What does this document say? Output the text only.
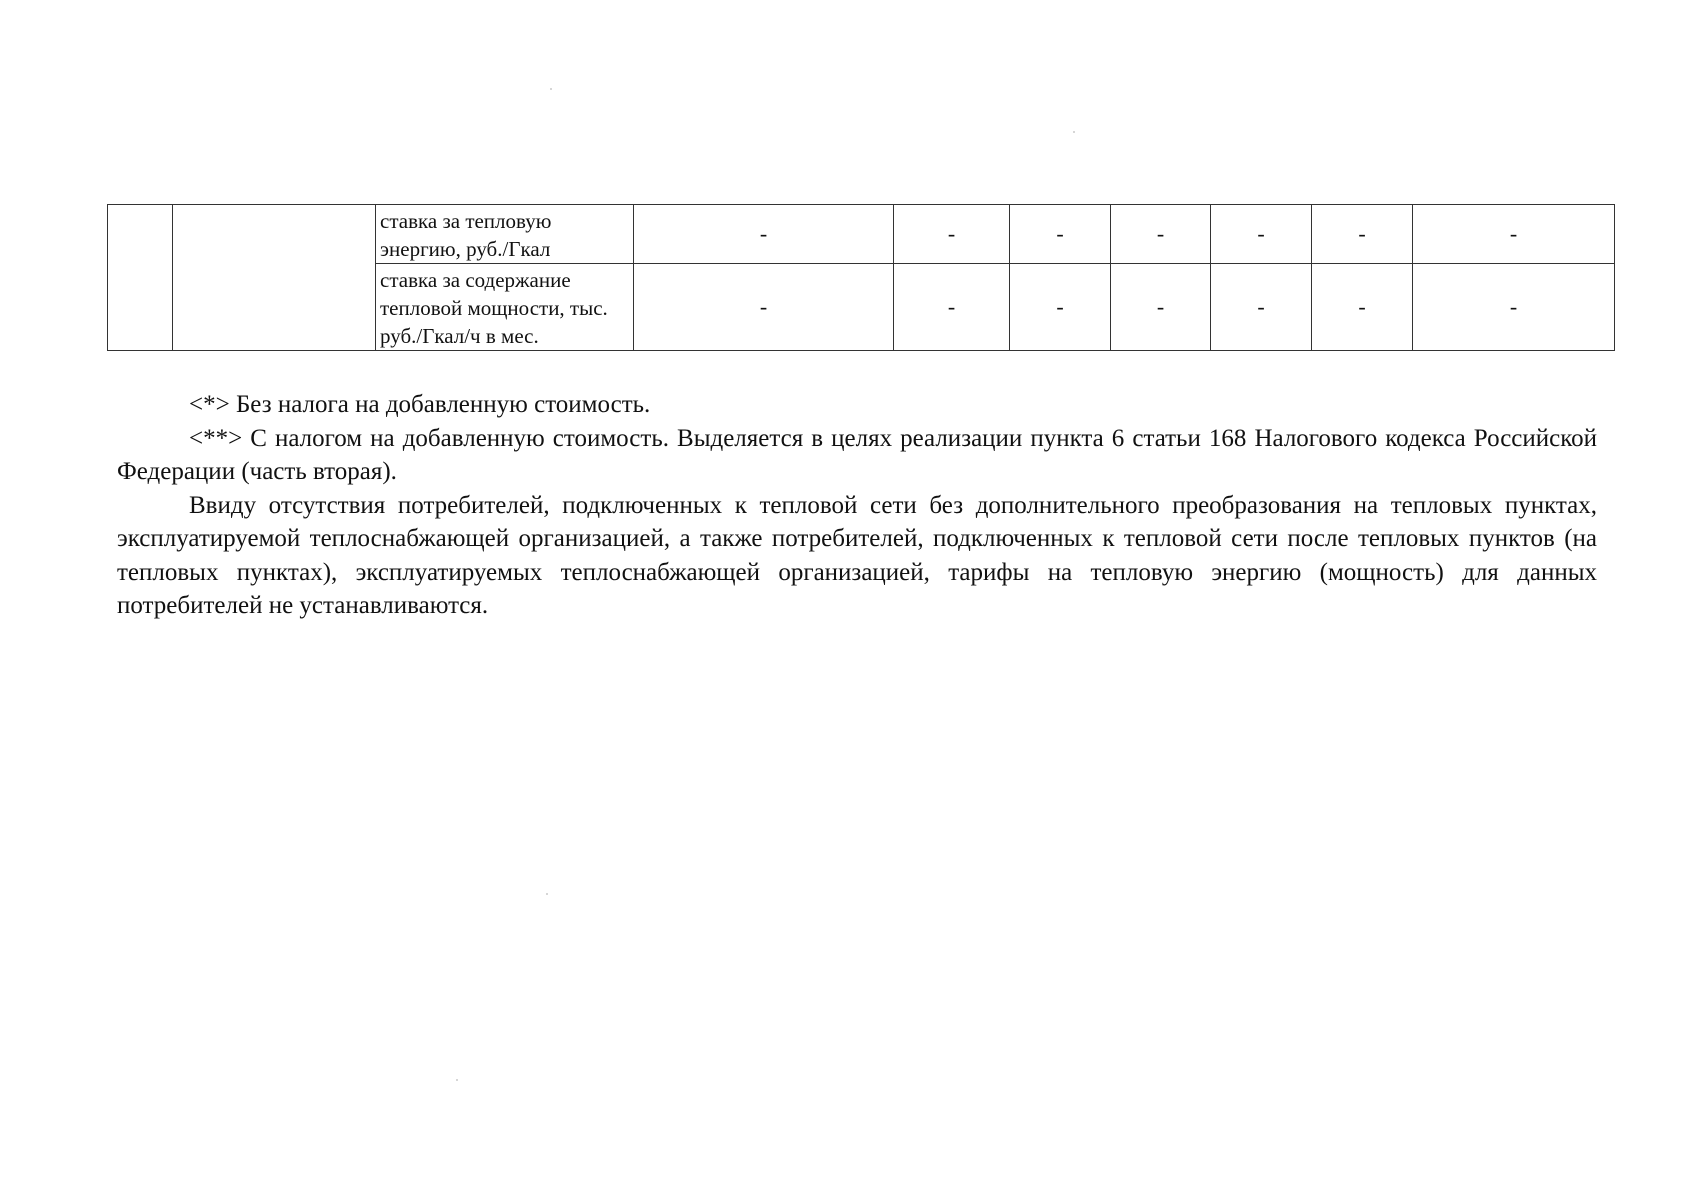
		ставка за тепловую энергию, руб./Гкал	-	-	-	-	-	-	-
		ставка за содержание тепловой мощности, тыс. руб./Гкал/ч в мес.	-	-	-	-	-	-	-

<*> Без налога на добавленную стоимость.

<**> С налогом на добавленную стоимость. Выделяется в целях реализации пункта 6 статьи 168 Налогового кодекса Российской Федерации (часть вторая).

Ввиду отсутствия потребителей, подключенных к тепловой сети без дополнительного преобразования на тепловых пунктах, эксплуатируемой теплоснабжающей организацией, а также потребителей, подключенных к тепловой сети после тепловых пунктов (на тепловых пунктах), эксплуатируемых теплоснабжающей организацией, тарифы на тепловую энергию (мощность) для данных потребителей не устанавливаются.
